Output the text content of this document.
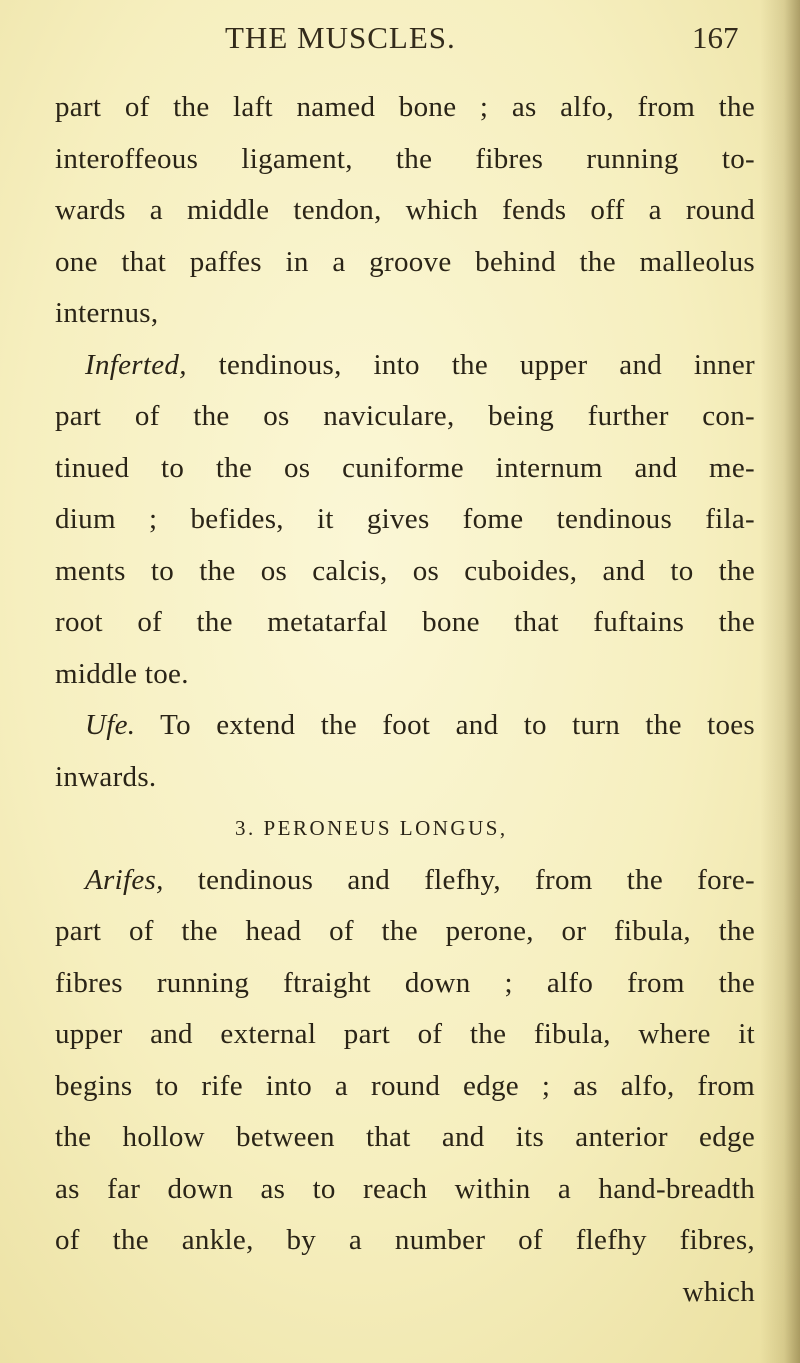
THE MUSCLES.	167
part of the laft named bone ; as alfo, from the
interoffeous ligament, the fibres running to-
wards a middle tendon, which fends off a round
one that paffes in a groove behind the malleolus
internus,
Inferted, tendinous, into the upper and inner
part of the os naviculare, being further con-
tinued to the os cuniforme internum and me-
dium ; befides, it gives fome tendinous fila-
ments to the os calcis, os cuboides, and to the
root of the metatarfal bone that fuftains the
middle toe.
Ufe. To extend the foot and to turn the toes
inwards.
3. PERONEUS LONGUS,
Arifes, tendinous and flefhy, from the fore-
part of the head of the perone, or fibula, the
fibres running ftraight down ; alfo from the
upper and external part of the fibula, where it
begins to rife into a round edge ; as alfo, from
the hollow between that and its anterior edge
as far down as to reach within a hand-breadth
of the ankle, by a number of flefhy fibres,
which
